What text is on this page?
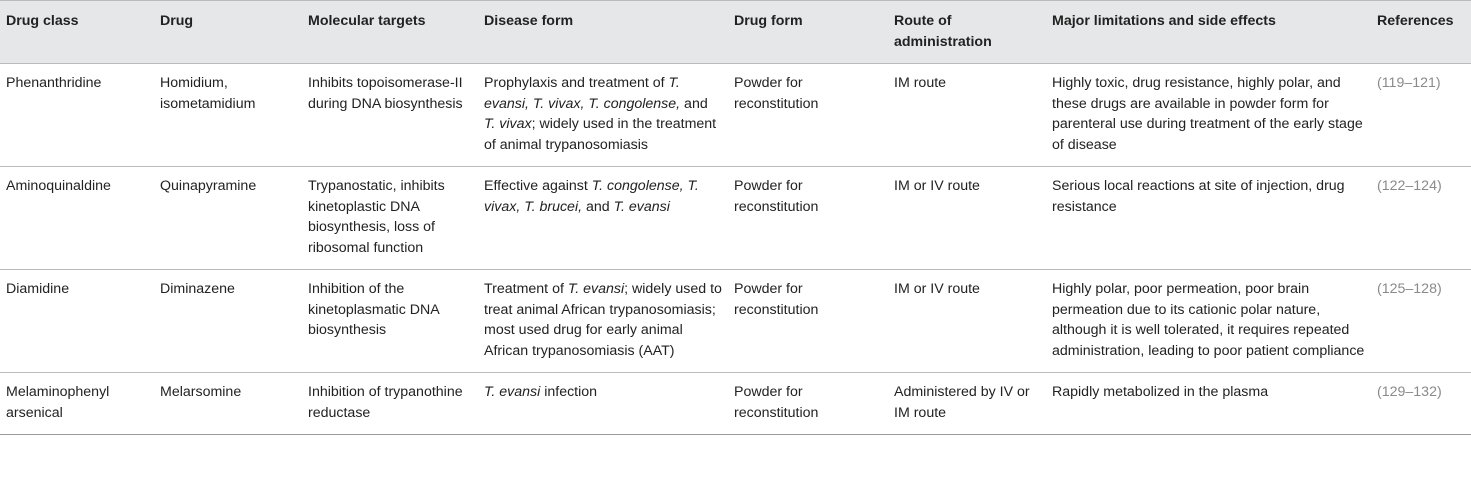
Drug class	Drug	Molecular targets	Disease form	Drug form	Route of administration	Major limitations and side effects	References
Phenanthridine	Homidium, isometamidium	Inhibits topoisomerase-II during DNA biosynthesis	Prophylaxis and treatment of T. evansi, T. vivax, T. congolense, and T. vivax; widely used in the treatment of animal trypanosomiasis	Powder for reconstitution	IM route	Highly toxic, drug resistance, highly polar, and these drugs are available in powder form for parenteral use during treatment of the early stage of disease	(119–121)
Aminoquinaldine	Quinapyramine	Trypanostatic, inhibits kinetoplastic DNA biosynthesis, loss of ribosomal function	Effective against T. congolense, T. vivax, T. brucei, and T. evansi	Powder for reconstitution	IM or IV route	Serious local reactions at site of injection, drug resistance	(122–124)
Diamidine	Diminazene	Inhibition of the kinetoplasmatic DNA biosynthesis	Treatment of T. evansi; widely used to treat animal African trypanosomiasis; most used drug for early animal African trypanosomiasis (AAT)	Powder for reconstitution	IM or IV route	Highly polar, poor permeation, poor brain permeation due to its cationic polar nature, although it is well tolerated, it requires repeated administration, leading to poor patient compliance	(125–128)
Melaminophenyl arsenical	Melarsomine	Inhibition of trypanothine reductase	T. evansi infection	Powder for reconstitution	Administered by IV or IM route	Rapidly metabolized in the plasma	(129–132)
